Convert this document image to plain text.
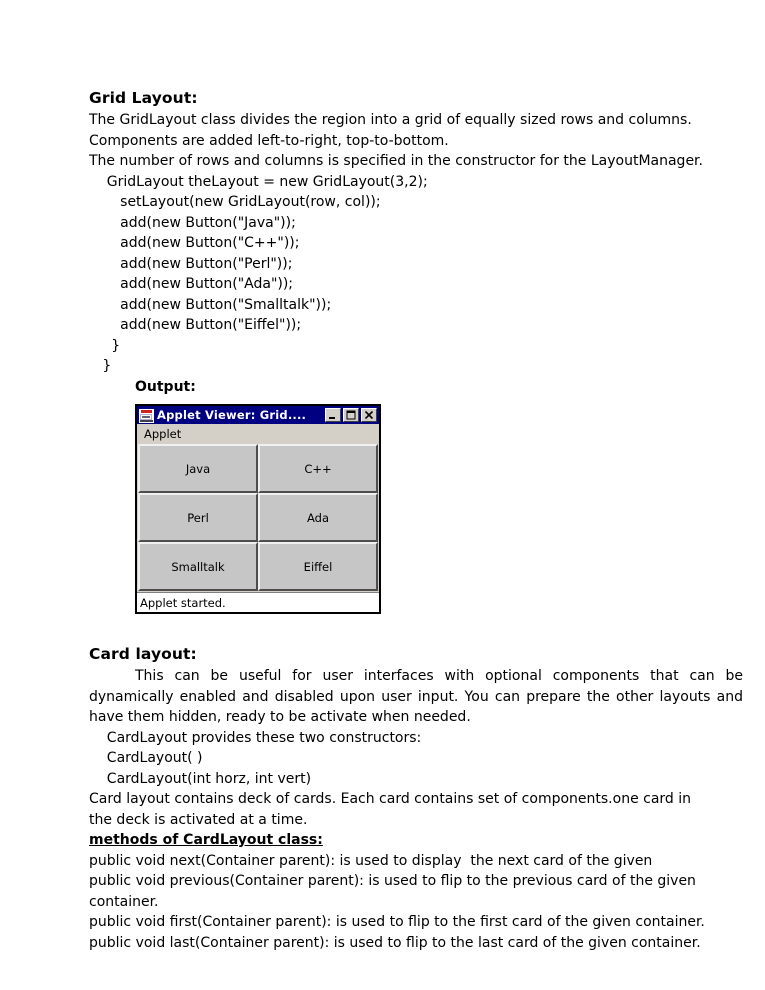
Grid Layout:
The GridLayout class divides the region into a grid of equally sized rows and columns.
Components are added left-to-right, top-to-bottom.
The number of rows and columns is specified in the constructor for the LayoutManager.
GridLayout theLayout = new GridLayout(3,2);
setLayout(new GridLayout(row, col));
add(new Button("Java"));
add(new Button("C++"));
add(new Button("Perl"));
add(new Button("Ada"));
add(new Button("Smalltalk"));
add(new Button("Eiffel"));
}
}
Output:
Applet Viewer: Grid....
Applet
Java	C++
Perl	Ada
Smalltalk	Eiffel
Applet started.
Card layout:
This can be useful for user interfaces with optional components that can be dynamically enabled and disabled upon user input. You can prepare the other layouts and have them hidden, ready to be activate when needed.
CardLayout provides these two constructors:
CardLayout( )
CardLayout(int horz, int vert)
Card layout contains deck of cards. Each card contains set of components.one card in
the deck is activated at a time.
methods of CardLayout class:
public void next(Container parent): is used to display  the next card of the given
public void previous(Container parent): is used to flip to the previous card of the given
container.
public void first(Container parent): is used to flip to the first card of the given container.
public void last(Container parent): is used to flip to the last card of the given container.
